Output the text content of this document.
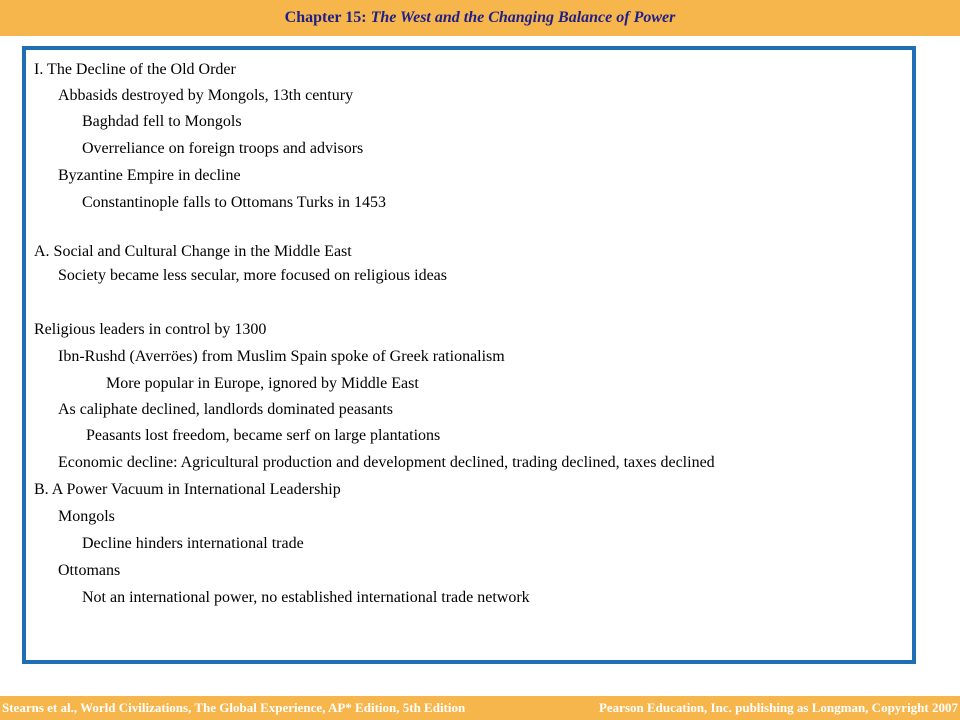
Chapter 15: The West and the Changing Balance of Power
I. The Decline of the Old Order
Abbasids destroyed by Mongols, 13th century
Baghdad fell to Mongols
Overreliance on foreign troops and advisors
Byzantine Empire in decline
Constantinople falls to Ottomans Turks in 1453
A. Social and Cultural Change in the Middle East
Society became less secular, more focused on religious ideas
Religious leaders in control by 1300
Ibn-Rushd (Averröes) from Muslim Spain spoke of Greek rationalism
More popular in Europe, ignored by Middle East
As caliphate declined, landlords dominated peasants
Peasants lost freedom, became serf on large plantations
Economic decline: Agricultural production and development declined, trading declined, taxes declined
B. A Power Vacuum in International Leadership
Mongols
Decline hinders international trade
Ottomans
Not an international power, no established international trade network
Stearns et al., World Civilizations, The Global Experience, AP* Edition, 5th Edition	Pearson Education, Inc. publishing as Longman, Copyright 2007
